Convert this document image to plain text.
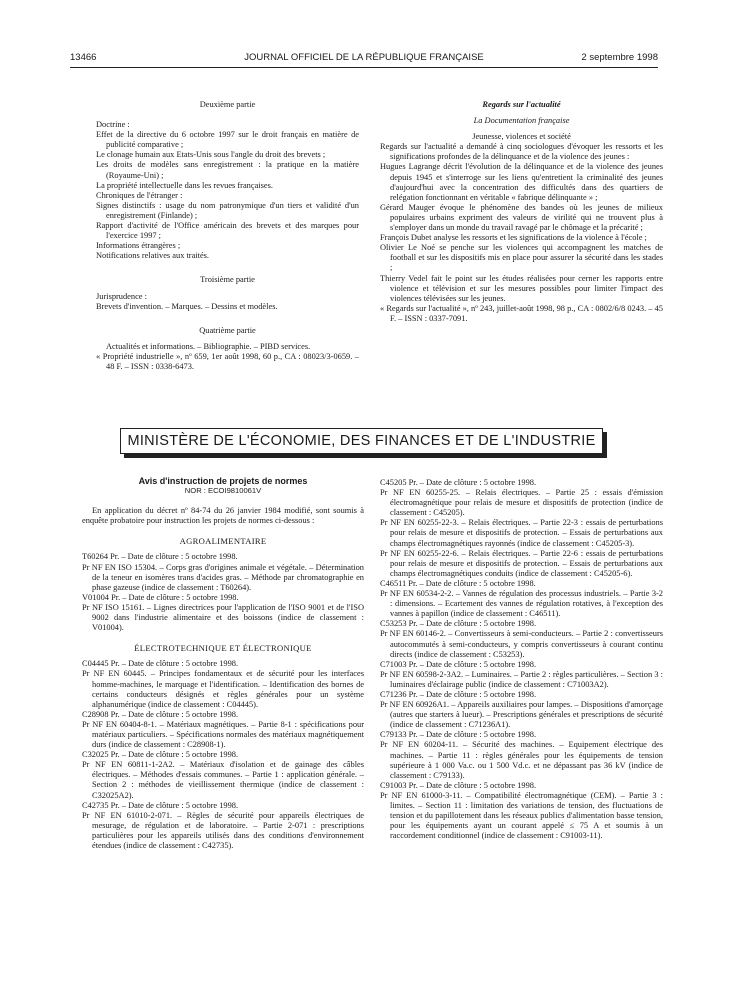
13466	JOURNAL OFFICIEL DE LA RÉPUBLIQUE FRANÇAISE	2 septembre 1998

Deuxième partie

Doctrine :

Effet de la directive du 6 octobre 1997 sur le droit français en matière de publicité comparative ;

Le clonage humain aux Etats-Unis sous l'angle du droit des brevets ;

Les droits de modèles sans enregistrement : la pratique en la matière (Royaume-Uni) ;

La propriété intellectuelle dans les revues françaises.

Chroniques de l'étranger :

Signes distinctifs : usage du nom patronymique d'un tiers et validité d'un enregistrement (Finlande) ;

Rapport d'activité de l'Office américain des brevets et des marques pour l'exercice 1997 ;

Informations étrangères ;

Notifications relatives aux traités.

Troisième partie

Jurisprudence :

Brevets d'invention. – Marques. – Dessins et modèles.

Quatrième partie

Actualités et informations. – Bibliographie. – PIBD services.

« Propriété industrielle », nº 659, 1er août 1998, 60 p., CA : 08023/3-0659. – 48 F. – ISSN : 0338-6473.

Regards sur l'actualité

La Documentation française

Jeunesse, violences et société

Regards sur l'actualité a demandé à cinq sociologues d'évoquer les ressorts et les significations profondes de la délinquance et de la violence des jeunes :

Hugues Lagrange décrit l'évolution de la délinquance et de la violence des jeunes depuis 1945 et s'interroge sur les liens qu'entretient la criminalité des jeunes d'aujourd'hui avec la concentration des difficultés dans des quartiers de relégation fonctionnant en véritable « fabrique délinquante » ;

Gérard Mauger évoque le phénomène des bandes où les jeunes de milieux populaires urbains expriment des valeurs de virilité qui ne trouvent plus à s'employer dans un monde du travail ravagé par le chômage et la précarité ;

François Dubet analyse les ressorts et les significations de la violence à l'école ;

Olivier Le Noé se penche sur les violences qui accompagnent les matches de football et sur les dispositifs mis en place pour assurer la sécurité dans les stades ;

Thierry Vedel fait le point sur les études réalisées pour cerner les rapports entre violence et télévision et sur les mesures possibles pour limiter l'impact des violences télévisées sur les jeunes.

« Regards sur l'actualité », nº 243, juillet-août 1998, 98 p., CA : 0802/6/8 0243. – 45 F. – ISSN : 0337-7091.

MINISTÈRE DE L'ÉCONOMIE, DES FINANCES ET DE L'INDUSTRIE

Avis d'instruction de projets de normes

NOR : ECOI9810061V

En application du décret nº 84-74 du 26 janvier 1984 modifié, sont soumis à enquête probatoire pour instruction les projets de normes ci-dessous :

AGROALIMENTAIRE

T60264 Pr. – Date de clôture : 5 octobre 1998.

Pr NF EN ISO 15304. – Corps gras d'origines animale et végétale. – Détermination de la teneur en isomères trans d'acides gras. – Méthode par chromatographie en phase gazeuse (indice de classement : T60264).

V01004 Pr. – Date de clôture : 5 octobre 1998.

Pr NF ISO 15161. – Lignes directrices pour l'application de l'ISO 9001 et de l'ISO 9002 dans l'industrie alimentaire et des boissons (indice de classement : V01004).

ÉLECTROTECHNIQUE ET ÉLECTRONIQUE

C04445 Pr. – Date de clôture : 5 octobre 1998.

Pr NF EN 60445. – Principes fondamentaux et de sécurité pour les interfaces homme-machines, le marquage et l'identification. – Identification des bornes de certains conducteurs désignés et règles générales pour un système alphanumérique (indice de classement : C04445).

C28908 Pr. – Date de clôture : 5 octobre 1998.

Pr NF EN 60404-8-1. – Matériaux magnétiques. – Partie 8-1 : spécifications pour matériaux particuliers. – Spécifications normales des matériaux magnétiquement durs (indice de classement : C28908-1).

C32025 Pr. – Date de clôture : 5 octobre 1998.

Pr NF EN 60811-1-2A2. – Matériaux d'isolation et de gainage des câbles électriques. – Méthodes d'essais communes. – Partie 1 : application générale. – Section 2 : méthodes de vieillissement thermique (indice de classement : C32025A2).

C42735 Pr. – Date de clôture : 5 octobre 1998.

Pr NF EN 61010-2-071. – Règles de sécurité pour appareils électriques de mesurage, de régulation et de laboratoire. – Partie 2-071 : prescriptions particulières pour les appareils utilisés dans des conditions d'environnement étendues (indice de classement : C42735).

C45205 Pr. – Date de clôture : 5 octobre 1998.

Pr NF EN 60255-25. – Relais électriques. – Partie 25 : essais d'émission électromagnétique pour relais de mesure et dispositifs de protection (indice de classement : C45205).

Pr NF EN 60255-22-3. – Relais électriques. – Partie 22-3 : essais de perturbations pour relais de mesure et dispositifs de protection. – Essais de perturbations aux champs électromagnétiques rayonnés (indice de classement : C45205-3).

Pr NF EN 60255-22-6. – Relais électriques. – Partie 22-6 : essais de perturbations pour relais de mesure et dispositifs de protection. – Essais de perturbations aux champs électromagnétiques conduits (indice de classement : C45205-6).

C46511 Pr. – Date de clôture : 5 octobre 1998.

Pr NF EN 60534-2-2. – Vannes de régulation des processus industriels. – Partie 3-2 : dimensions. – Ecartement des vannes de régulation rotatives, à l'exception des vannes à papillon (indice de classement : C46511).

C53253 Pr. – Date de clôture : 5 octobre 1998.

Pr NF EN 60146-2. – Convertisseurs à semi-conducteurs. – Partie 2 : convertisseurs autocommutés à semi-conducteurs, y compris convertisseurs à courant continu directs (indice de classement : C53253).

C71003 Pr. – Date de clôture : 5 octobre 1998.

Pr NF EN 60598-2-3A2. – Luminaires. – Partie 2 : règles particulières. – Section 3 : luminaires d'éclairage public (indice de classement : C71003A2).

C71236 Pr. – Date de clôture : 5 octobre 1998.

Pr NF EN 60926A1. – Appareils auxiliaires pour lampes. – Dispositions d'amorçage (autres que starters à lueur). – Prescriptions générales et prescriptions de sécurité (indice de classement : C71236A1).

C79133 Pr. – Date de clôture : 5 octobre 1998.

Pr NF EN 60204-11. – Sécurité des machines. – Equipement électrique des machines. – Partie 11 : règles générales pour les équipements de tension supérieure à 1 000 Va.c. ou 1 500 Vd.c. et ne dépassant pas 36 kV (indice de classement : C79133).

C91003 Pr. – Date de clôture : 5 octobre 1998.

Pr NF EN 61000-3-11. – Compatibilité électromagnétique (CEM). – Partie 3 : limites. – Section 11 : limitation des variations de tension, des fluctuations de tension et du papillotement dans les réseaux publics d'alimentation basse tension, pour les équipements ayant un courant appelé ≤ 75 A et soumis à un raccordement conditionnel (indice de classement : C91003-11).
